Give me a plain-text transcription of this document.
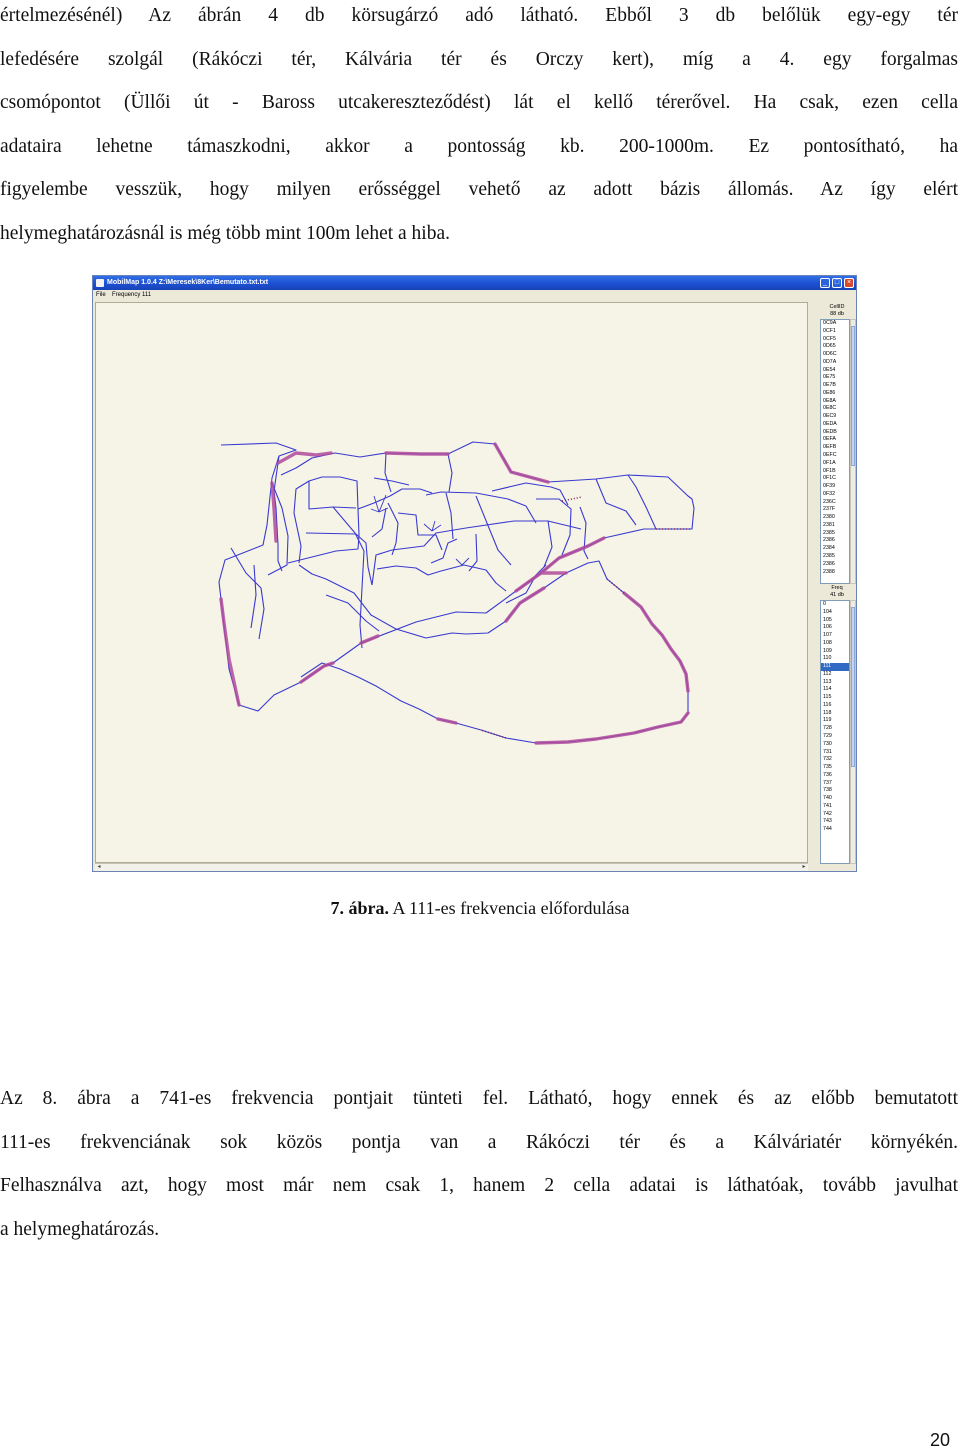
értelmezésénél) Az ábrán 4 db körsugárzó adó látható. Ebből 3 db belőlük egy-egy tér
lefedésére szolgál (Rákóczi tér, Kálvária tér és Orczy kert), míg a 4. egy forgalmas
csomópontot (Üllői út - Baross utcakereszteződést) lát el kellő térerővel. Ha csak, ezen cella
adataira lehetne támaszkodni, akkor a pontosság kb. 200-1000m. Ez pontosítható, ha
figyelembe vesszük, hogy milyen erősséggel vehető az adott bázis állomás. Az így elért
helymeghatározásnál is még több mint 100m lehet a hiba.
MobilMap 1.0.4 Z:\Meresek\8Ker\Bemutato.txt.txt	_	□	×
File Frequency 111
◂	▸
CellID
88 db
0C9A
0CF1
0CF5
0D65
0D6C
0D7A
0E54
0E75
0E7B
0E86
0E8A
0E8C
0EC9
0EDA
0EDB
0EFA
0EFB
0EFC
0F1A
0F1B
0F1C
0F39
0F32
236C
237F
2380
2381
2385
2386
2384
2385
2386
2388
Freq
41 db
0
104
105
106
107
108
109
110
111
112
113
114
115
116
118
119
728
729
730
731
732
735
736
737
738
740
741
742
743
744
7. ábra. A 111-es frekvencia előfordulása
Az 8. ábra a 741-es frekvencia pontjait tünteti fel. Látható, hogy ennek és az előbb bemutatott
111-es frekvenciának sok közös pontja van a Rákóczi tér és a Kálváriatér környékén.
Felhasználva azt, hogy most már nem csak 1, hanem 2 cella adatai is láthatóak, tovább javulhat
a helymeghatározás.
20
